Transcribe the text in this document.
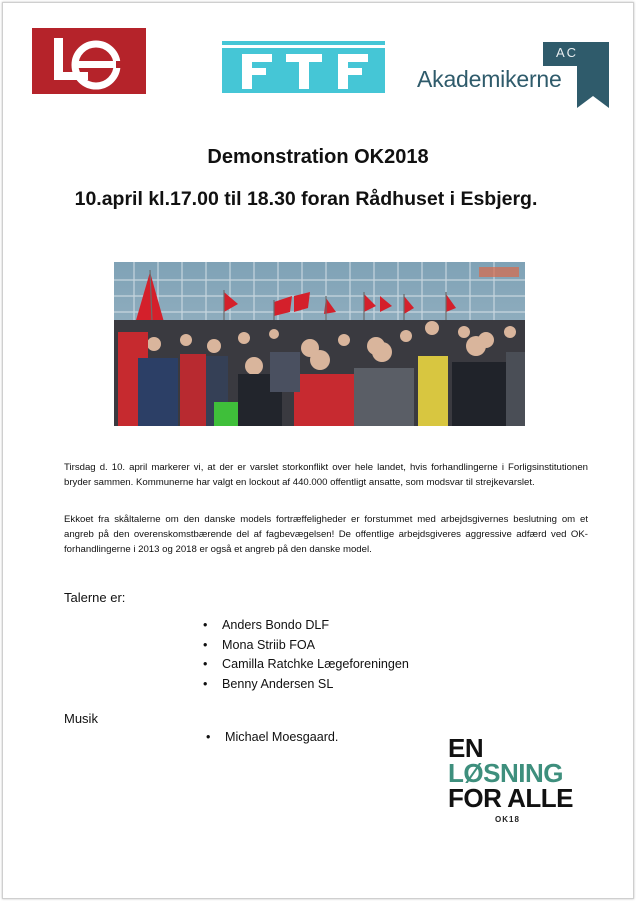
FTF
AC
Akademikerne
Demonstration OK2018
10.april kl.17.00 til 18.30 foran Rådhuset i Esbjerg.
Tirsdag d. 10. april markerer vi, at der er varslet storkonflikt over hele landet, hvis forhandlingerne i Forligsinstitutionen bryder sammen. Kommunerne har valgt en lockout af 440.000 offentligt ansatte, som modsvar til strejkevarslet.
Ekkoet fra skåltalerne om den danske models fortræffeligheder er forstummet med arbejdsgivernes beslutning om et angreb på den overenskomstbærende del af fagbevægelsen! De offentlige arbejdsgiveres aggressive adfærd ved OK-forhandlingerne i 2013 og 2018 er også et angreb på den danske model.
Talerne er:
• Anders Bondo DLF
• Mona Striib FOA
• Camilla Ratchke Lægeforeningen
• Benny Andersen SL
Musik
• Michael Moesgaard.	EN
LØSNING
FOR ALLE
OK18
